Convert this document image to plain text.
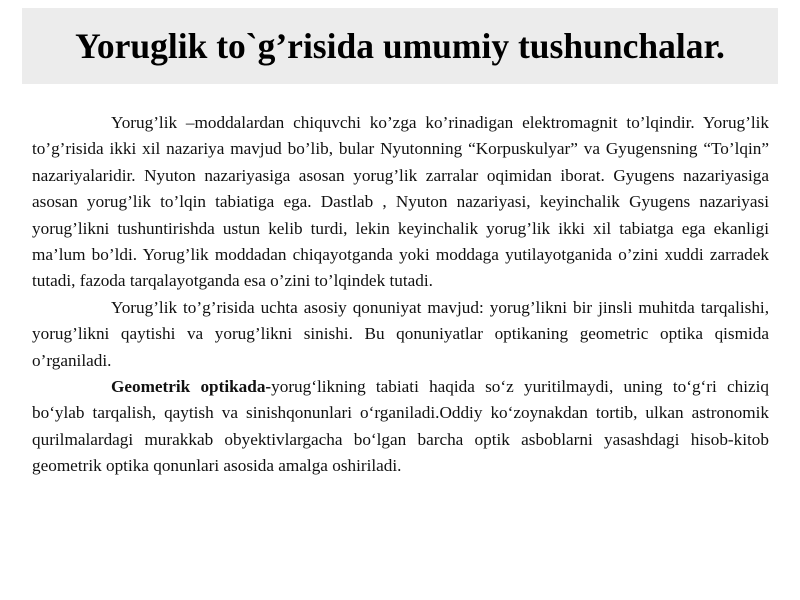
Yoruglik to`g’risida umumiy tushunchalar.

Yorug’lik –moddalardan chiquvchi ko’zga ko’rinadigan elektromagnit to’lqindir. Yorug’lik to’g’risida ikki xil nazariya mavjud bo’lib, bular Nyutonning “Korpuskulyar” va Gyugensning “To’lqin” nazariyalaridir. Nyuton nazariyasiga asosan yorug’lik zarralar oqimidan iborat. Gyugens nazariyasiga asosan yorug’lik to’lqin tabiatiga ega. Dastlab , Nyuton nazariyasi, keyinchalik Gyugens nazariyasi yorug’likni tushuntirishda ustun kelib turdi, lekin keyinchalik yorug’lik ikki xil tabiatga ega ekanligi ma’lum bo’ldi. Yorug’lik moddadan chiqayotganda yoki moddaga yutilayotganida o’zini xuddi zarradek tutadi, fazoda tarqalayotganda esa o’zini to’lqindek tutadi.

Yorug’lik to’g’risida uchta asosiy qonuniyat mavjud: yorug’likni bir jinsli muhitda tarqalishi, yorug’likni qaytishi va yorug’likni sinishi. Bu qonuniyatlar optikaning geometric optika qismida o’rganiladi.

Geometrik optikada-yorug‘likning tabiati haqida so‘z yuritilmaydi, uning to‘g‘ri chiziq bo‘ylab tarqalish, qaytish va sinishqonunlari o‘rganiladi.Oddiy ko‘zoynakdan tortib, ulkan astronomik qurilmalardagi murakkab obyektivlargacha bo‘lgan barcha optik asboblarni yasashdagi hisob-kitob geometrik optika qonunlari asosida amalga oshiriladi.
